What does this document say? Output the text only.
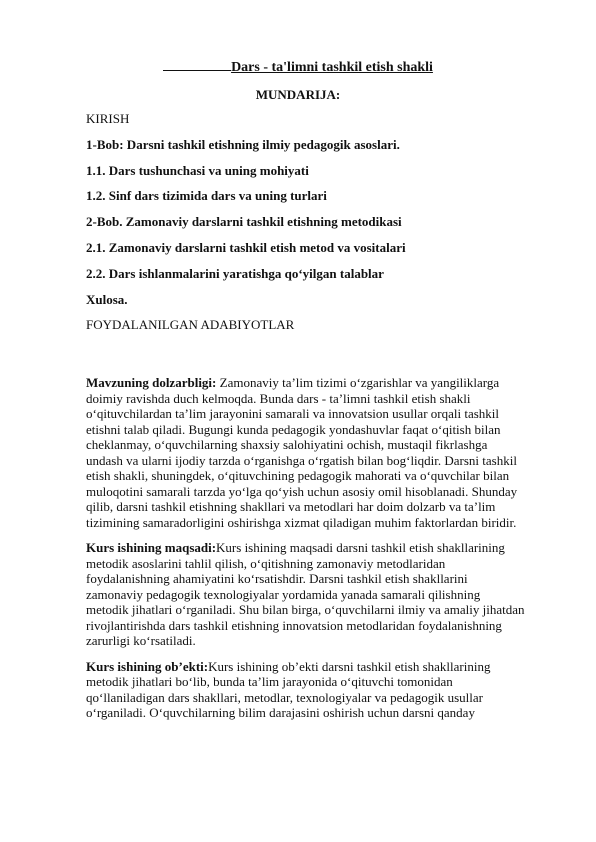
Dars - ta'limni tashkil etish shakli
MUNDARIJA:
KIRISH
1-Bob: Darsni tashkil etishning ilmiy pedagogik asoslari.
1.1. Dars tushunchasi va uning mohiyati
1.2. Sinf dars tizimida dars va uning turlari
2-Bob. Zamonaviy darslarni tashkil etishning metodikasi
2.1. Zamonaviy darslarni tashkil etish metod va vositalari
2.2. Dars ishlanmalarini yaratishga qo‘yilgan talablar
Xulosa.
FOYDALANILGAN ADABIYOTLAR

Mavzuning dolzarbligi: Zamonaviy ta’lim tizimi o‘zgarishlar va yangiliklarga doimiy ravishda duch kelmoqda. Bunda dars - ta’limni tashkil etish shakli o‘qituvchilardan ta’lim jarayonini samarali va innovatsion usullar orqali tashkil etishni talab qiladi. Bugungi kunda pedagogik yondashuvlar faqat o‘qitish bilan cheklanmay, o‘quvchilarning shaxsiy salohiyatini ochish, mustaqil fikrlashga undash va ularni ijodiy tarzda o‘rganishga o‘rgatish bilan bog‘liqdir. Darsni tashkil etish shakli, shuningdek, o‘qituvchining pedagogik mahorati va o‘quvchilar bilan muloqotini samarali tarzda yo‘lga qo‘yish uchun asosiy omil hisoblanadi. Shunday qilib, darsni tashkil etishning shakllari va metodlari har doim dolzarb va ta’lim tizimining samaradorligini oshirishga xizmat qiladigan muhim faktorlardan biridir.

Kurs ishining maqsadi:Kurs ishining maqsadi darsni tashkil etish shakllarining metodik asoslarini tahlil qilish, o‘qitishning zamonaviy metodlaridan foydalanishning ahamiyatini ko‘rsatishdir. Darsni tashkil etish shakllarini zamonaviy pedagogik texnologiyalar yordamida yanada samarali qilishning metodik jihatlari o‘rganiladi. Shu bilan birga, o‘quvchilarni ilmiy va amaliy jihatdan rivojlantirishda dars tashkil etishning innovatsion metodlaridan foydalanishning zarurligi ko‘rsatiladi.

Kurs ishining ob’ekti:Kurs ishining ob’ekti darsni tashkil etish shakllarining metodik jihatlari bo‘lib, bunda ta’lim jarayonida o‘qituvchi tomonidan qo‘llaniladigan dars shakllari, metodlar, texnologiyalar va pedagogik usullar o‘rganiladi. O‘quvchilarning bilim darajasini oshirish uchun darsni qanday
